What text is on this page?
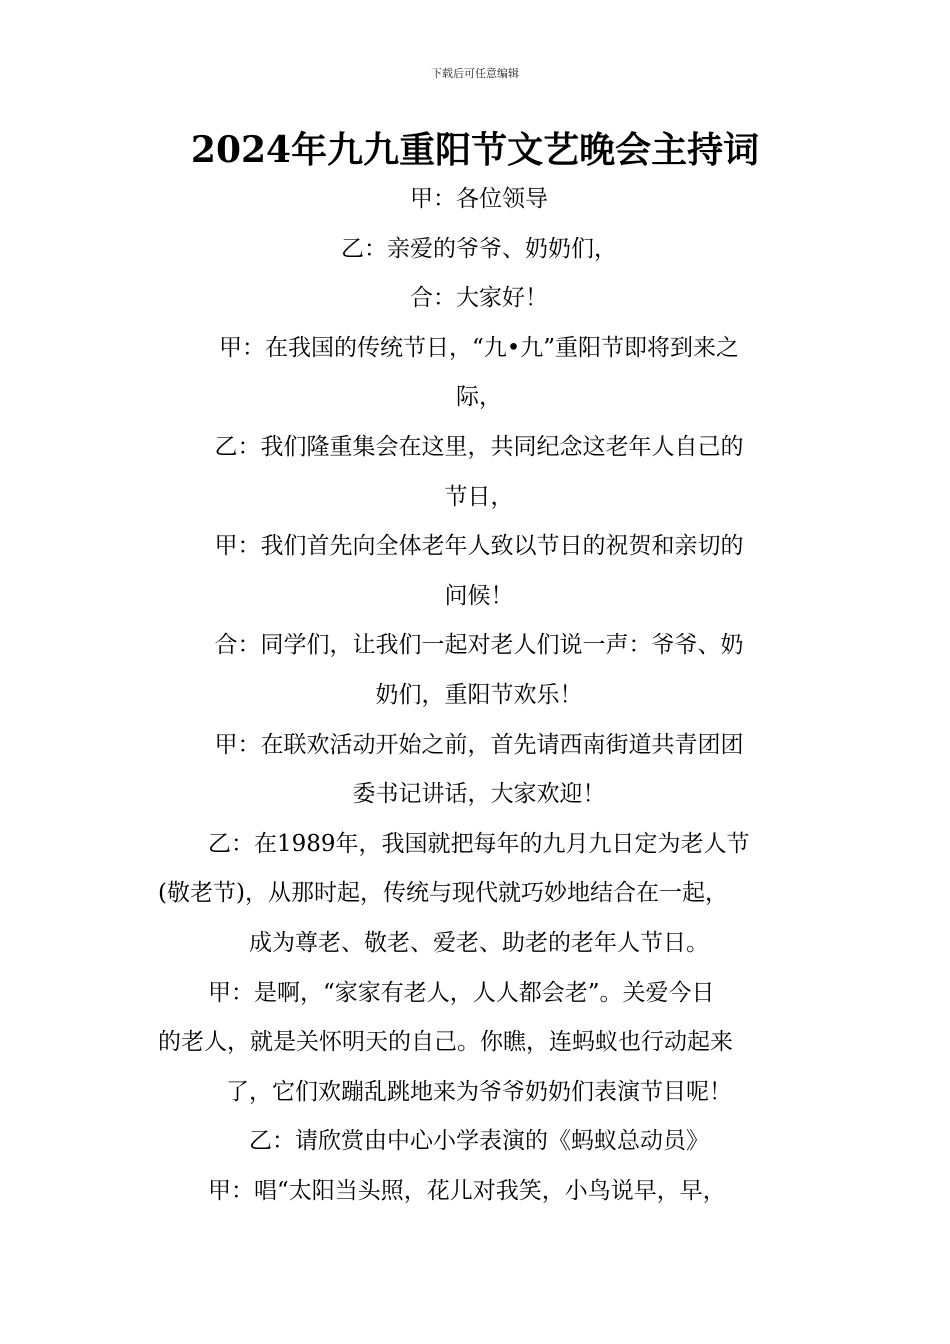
下载后可任意编辑
2024年九九重阳节文艺晚会主持词
甲：各位领导
乙：亲爱的爷爷、奶奶们，
合：大家好！
甲：在我国的传统节日，“九•九”重阳节即将到来之
际，
乙：我们隆重集会在这里，共同纪念这老年人自己的
节日，
甲：我们首先向全体老年人致以节日的祝贺和亲切的
问候！
合：同学们，让我们一起对老人们说一声：爷爷、奶
奶们，重阳节欢乐！
甲：在联欢活动开始之前，首先请西南街道共青团团
委书记讲话，大家欢迎！
乙：在1989年，我国就把每年的九月九日定为老人节
(敬老节)，从那时起，传统与现代就巧妙地结合在一起，
成为尊老、敬老、爱老、助老的老年人节日。
甲：是啊，“家家有老人，人人都会老”。关爱今日
的老人，就是关怀明天的自己。你瞧，连蚂蚁也行动起来
了，它们欢蹦乱跳地来为爷爷奶奶们表演节目呢！
乙：请欣赏由中心小学表演的《蚂蚁总动员》
甲：唱“太阳当头照，花儿对我笑，小鸟说早，早，
